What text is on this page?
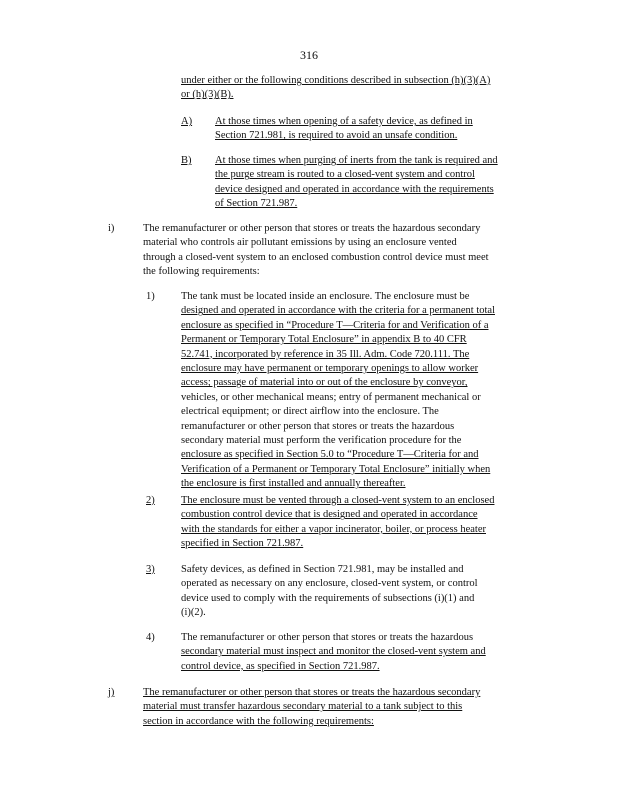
316
under either or the following conditions described in subsection (h)(3)(A)
or (h)(3)(B).
A) At those times when opening of a safety device, as defined in
Section 721.981, is required to avoid an unsafe condition.
B) At those times when purging of inerts from the tank is required and
the purge stream is routed to a closed-vent system and control
device designed and operated in accordance with the requirements
of Section 721.987.
i)	The remanufacturer or other person that stores or treats the hazardous secondary
material who controls air pollutant emissions by using an enclosure vented
through a closed-vent system to an enclosed combustion control device must meet
the following requirements:
1)	The tank must be located inside an enclosure. The enclosure must be
designed and operated in accordance with the criteria for a permanent total
enclosure as specified in “Procedure T—Criteria for and Verification of a
Permanent or Temporary Total Enclosure” in appendix B to 40 CFR
52.741, incorporated by reference in 35 Ill. Adm. Code 720.111. The
enclosure may have permanent or temporary openings to allow worker
access; passage of material into or out of the enclosure by conveyor,
vehicles, or other mechanical means; entry of permanent mechanical or
electrical equipment; or direct airflow into the enclosure. The
remanufacturer or other person that stores or treats the hazardous
secondary material must perform the verification procedure for the
enclosure as specified in Section 5.0 to “Procedure T—Criteria for and
Verification of a Permanent or Temporary Total Enclosure” initially when
the enclosure is first installed and annually thereafter.
2)	The enclosure must be vented through a closed-vent system to an enclosed
combustion control device that is designed and operated in accordance
with the standards for either a vapor incinerator, boiler, or process heater
specified in Section 721.987.
3)	Safety devices, as defined in Section 721.981, may be installed and
operated as necessary on any enclosure, closed-vent system, or control
device used to comply with the requirements of subsections (i)(1) and
(i)(2).
4)	The remanufacturer or other person that stores or treats the hazardous
secondary material must inspect and monitor the closed-vent system and
control device, as specified in Section 721.987.
j)	The remanufacturer or other person that stores or treats the hazardous secondary
material must transfer hazardous secondary material to a tank subject to this
section in accordance with the following requirements:
